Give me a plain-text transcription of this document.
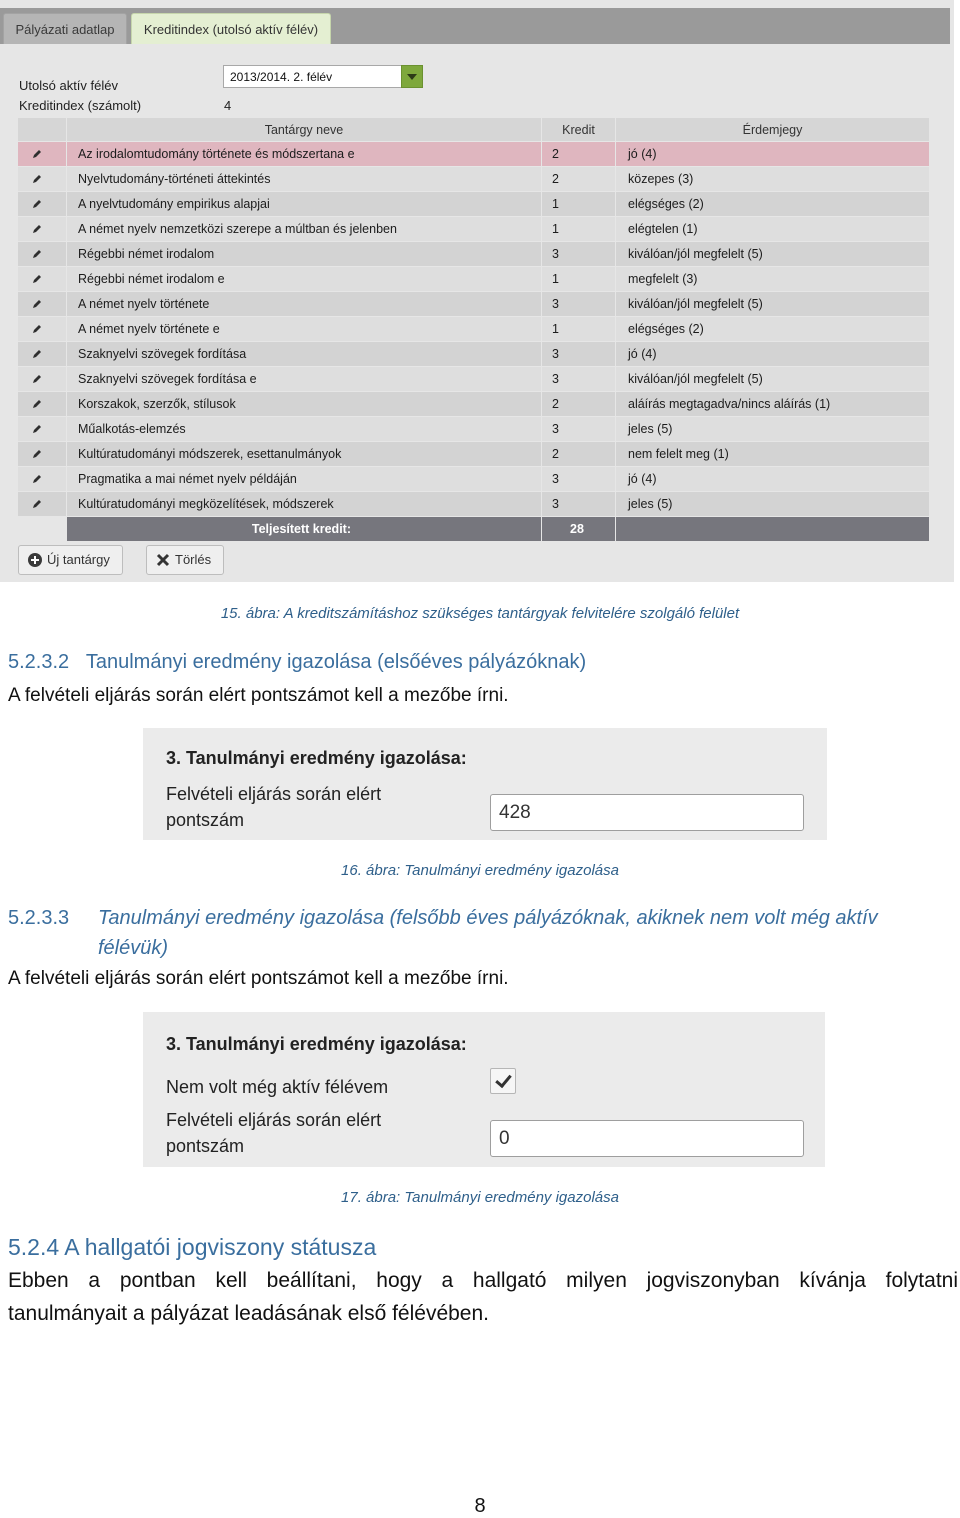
Pályázati adatlap	Kreditindex (utolsó aktív félév)
Utolsó aktív félév
2013/2014. 2. félév
Kreditindex (számolt)	4
Tantárgy neve	Kredit	Érdemjegy
Az irodalomtudomány története és módszertana e	2	jó (4)
Nyelvtudomány-történeti áttekintés	2	közepes (3)
A nyelvtudomány empirikus alapjai	1	elégséges (2)
A német nyelv nemzetközi szerepe a múltban és jelenben	1	elégtelen (1)
Régebbi német irodalom	3	kiválóan/jól megfelelt (5)
Régebbi német irodalom e	1	megfelelt (3)
A német nyelv története	3	kiválóan/jól megfelelt (5)
A német nyelv története e	1	elégséges (2)
Szaknyelvi szövegek fordítása	3	jó (4)
Szaknyelvi szövegek fordítása e	3	kiválóan/jól megfelelt (5)
Korszakok, szerzők, stílusok	2	aláírás megtagadva/nincs aláírás (1)
Műalkotás-elemzés	3	jeles (5)
Kultúratudományi módszerek, esettanulmányok	2	nem felelt meg (1)
Pragmatika a mai német nyelv példáján	3	jó (4)
Kultúratudományi megközelítések, módszerek	3	jeles (5)
Teljesített kredit:	28
Új tantárgy	Törlés
15. ábra: A kreditszámításhoz szükséges tantárgyak felvitelére szolgáló felület
5.2.3.2 Tanulmányi eredmény igazolása (elsőéves pályázóknak)
A felvételi eljárás során elért pontszámot kell a mezőbe írni.
3. Tanulmányi eredmény igazolása:
Felvételi eljárás során elért
pontszám	428
16. ábra: Tanulmányi eredmény igazolása
5.2.3.3 Tanulmányi eredmény igazolása (felsőbb éves pályázóknak, akiknek nem volt még aktív
félévük)
A felvételi eljárás során elért pontszámot kell a mezőbe írni.
3. Tanulmányi eredmény igazolása:
Nem volt még aktív félévem
Felvételi eljárás során elért
pontszám	0
17. ábra: Tanulmányi eredmény igazolása
5.2.4 A hallgatói jogviszony státusza
Ebben a pontban kell beállítani, hogy a hallgató milyen jogviszonyban kívánja folytatni
tanulmányait a pályázat leadásának első félévében.
8
